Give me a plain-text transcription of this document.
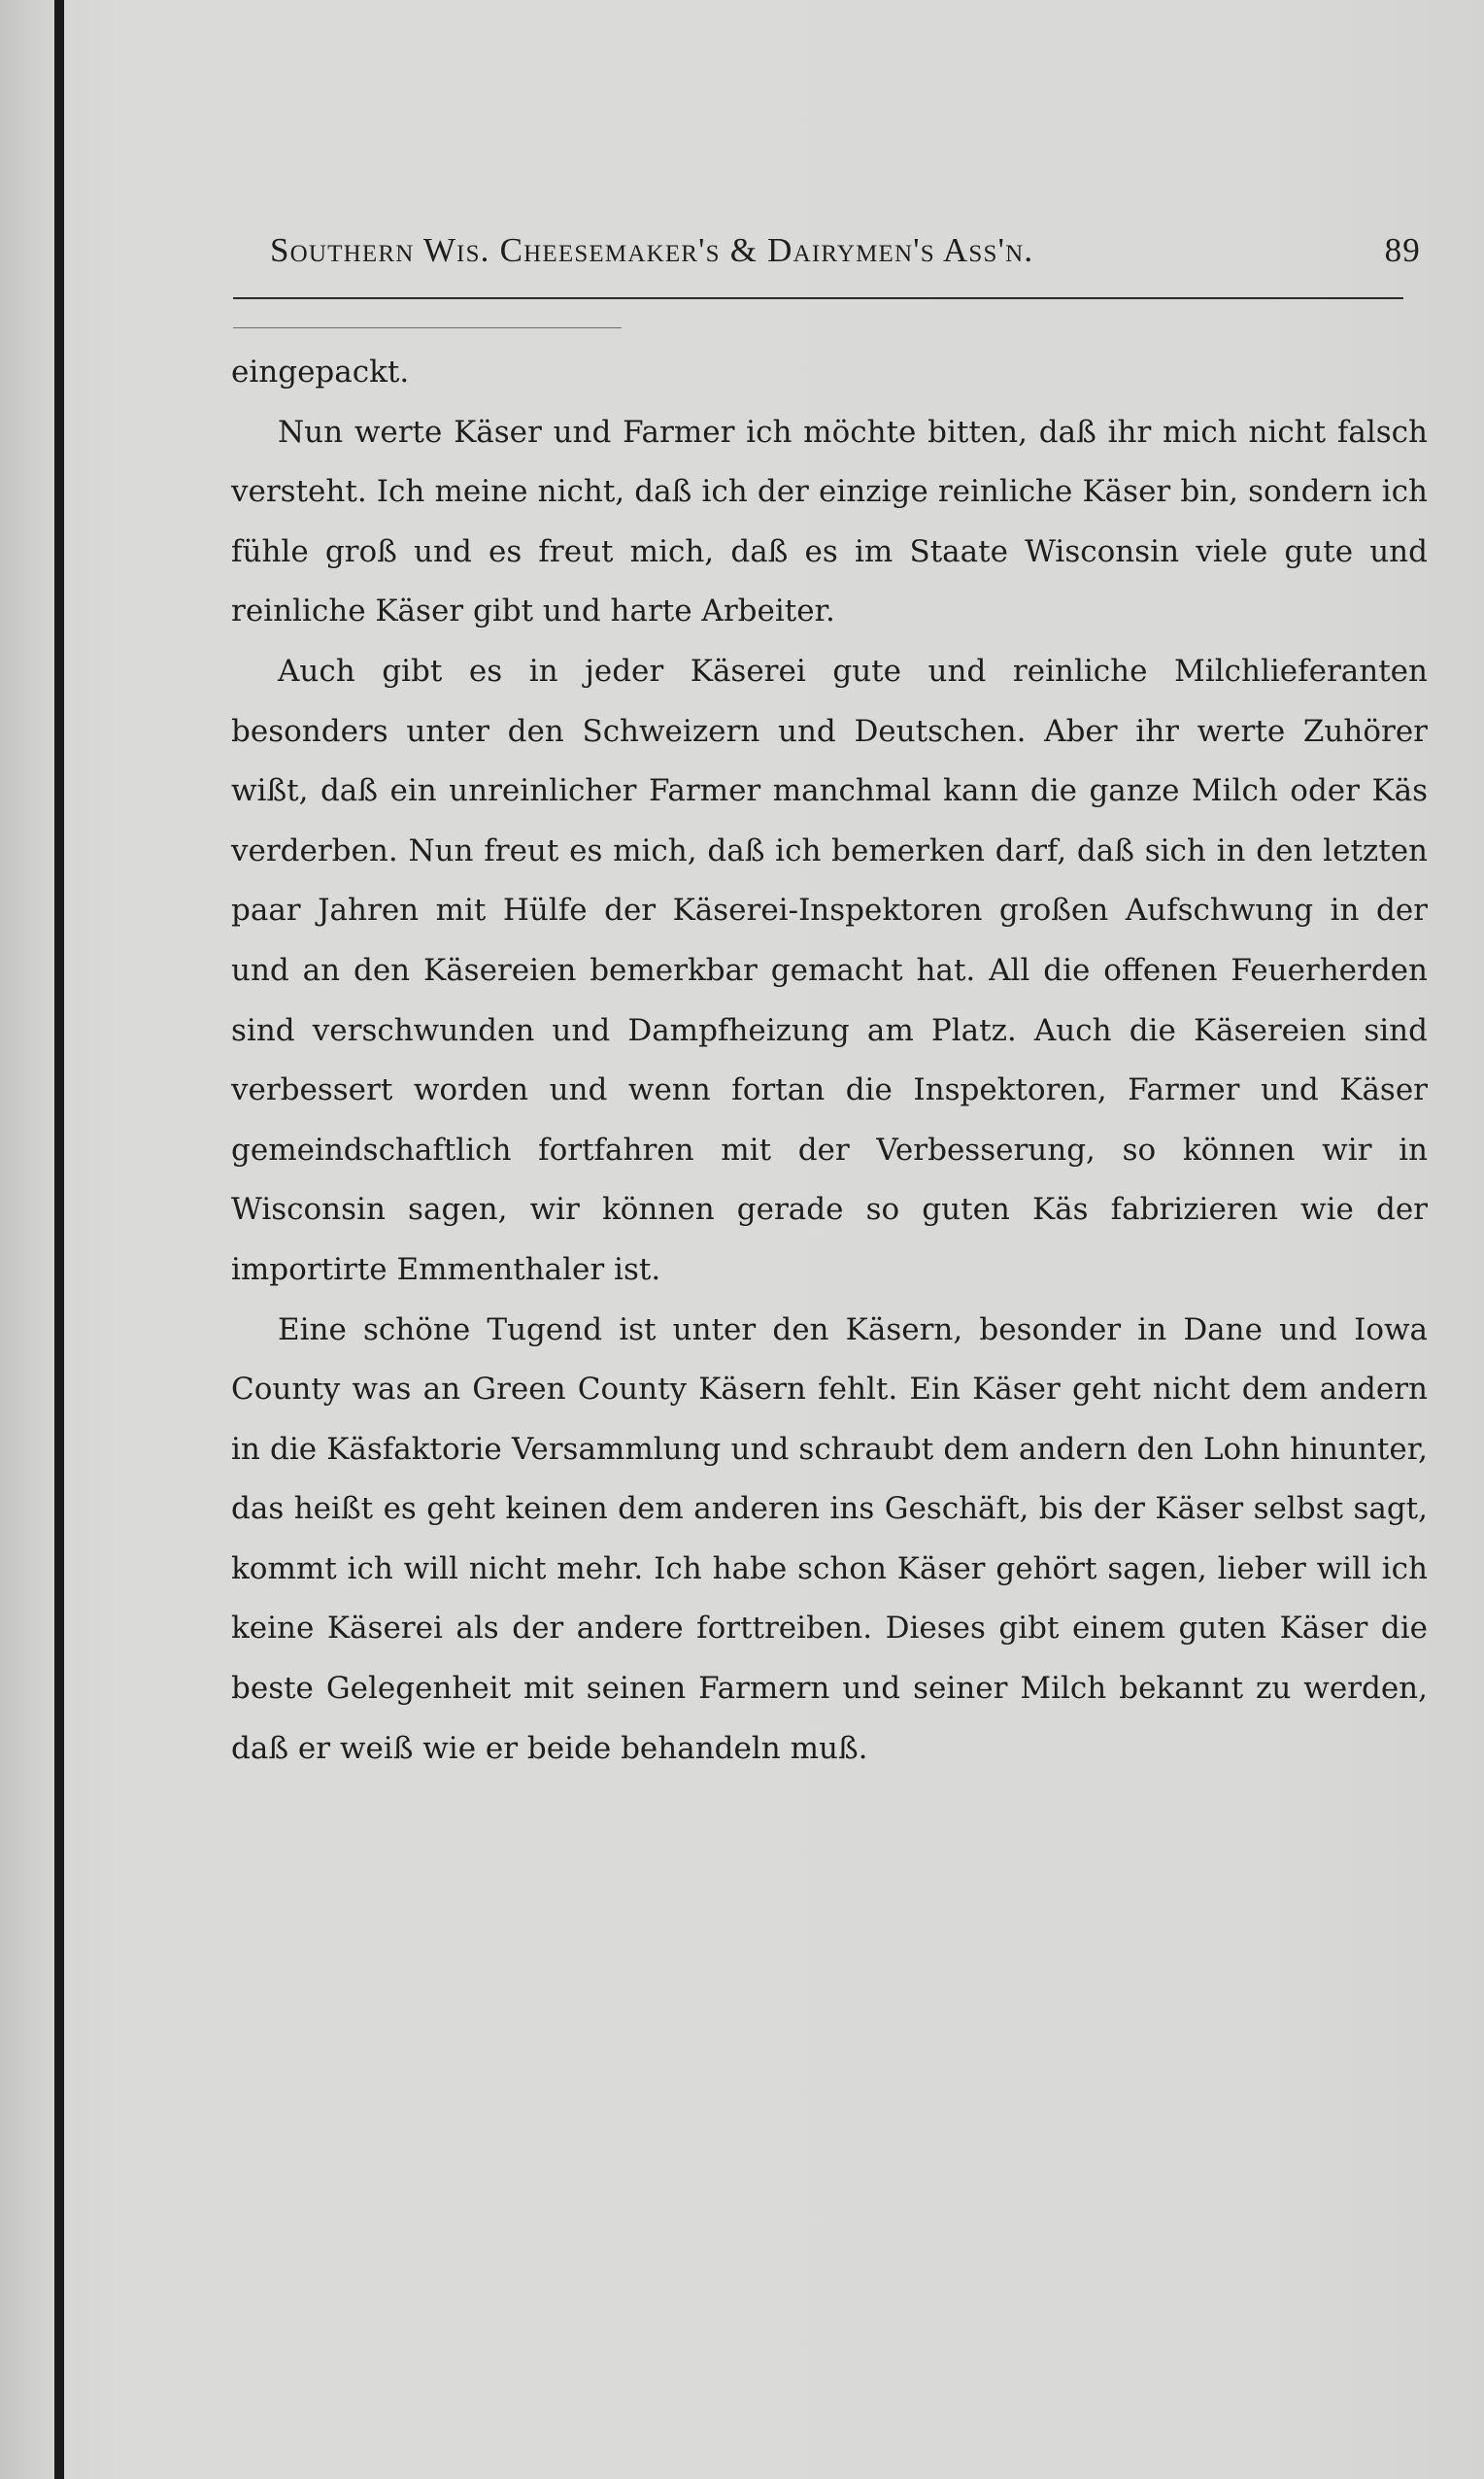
Southern Wis. Cheesemaker's & Dairymen's Ass'n.	89

eingepackt.

Nun werte Käser und Farmer ich möchte bitten, daß ihr mich nicht falsch versteht. Ich meine nicht, daß ich der einzige reinliche Käser bin, sondern ich fühle groß und es freut mich, daß es im Staate Wisconsin viele gute und reinliche Käser gibt und harte Arbeiter.

Auch gibt es in jeder Käserei gute und reinliche Milchlieferanten besonders unter den Schweizern und Deutschen. Aber ihr werte Zuhörer wißt, daß ein unreinlicher Farmer manchmal kann die ganze Milch oder Käs verderben. Nun freut es mich, daß ich bemerken darf, daß sich in den letzten paar Jahren mit Hülfe der Käserei-Inspektoren großen Aufschwung in der und an den Käsereien bemerkbar gemacht hat. All die offenen Feuerherden sind verschwunden und Dampfheizung am Platz. Auch die Käsereien sind verbessert worden und wenn fortan die Inspektoren, Farmer und Käser gemeindschaftlich fortfahren mit der Verbesserung, so können wir in Wisconsin sagen, wir können gerade so guten Käs fabrizieren wie der importirte Emmenthaler ist.

Eine schöne Tugend ist unter den Käsern, besonder in Dane und Iowa County was an Green County Käsern fehlt. Ein Käser geht nicht dem andern in die Käsfaktorie Versammlung und schraubt dem andern den Lohn hinunter, das heißt es geht keinen dem anderen ins Geschäft, bis der Käser selbst sagt, kommt ich will nicht mehr. Ich habe schon Käser gehört sagen, lieber will ich keine Käserei als der andere forttreiben. Dieses gibt einem guten Käser die beste Gelegenheit mit seinen Farmern und seiner Milch bekannt zu werden, daß er weiß wie er beide behandeln muß.
